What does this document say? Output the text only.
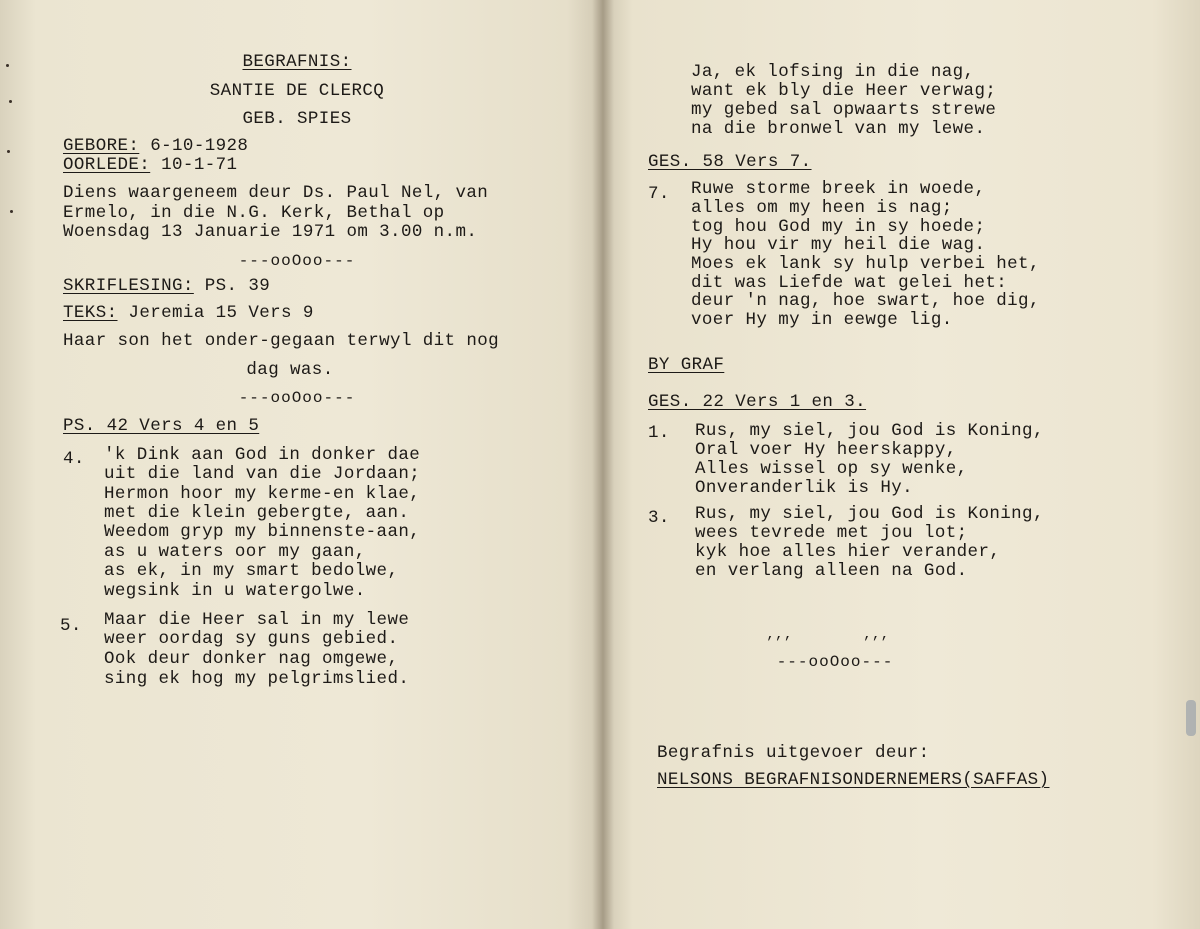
BEGRAFNIS:
SANTIE DE CLERCQ
GEB. SPIES
GEBORE: 6-10-1928
OORLEDE: 10-1-71
Diens waargeneem deur Ds. Paul Nel, van
Ermelo, in die N.G. Kerk, Bethal op
Woensdag 13 Januarie 1971 om 3.00 n.m.
---ooOoo---
SKRIFLESING: PS. 39
TEKS: Jeremia 15 Vers 9
Haar son het onder-gegaan terwyl dit nog
dag was.
---ooOoo---
PS. 42 Vers 4 en 5
4. 'k Dink aan God in donker dae
uit die land van die Jordaan;
Hermon hoor my kerme-en klae,
met die klein gebergte, aan.
Weedom gryp my binnenste-aan,
as u waters oor my gaan,
as ek, in my smart bedolwe,
wegsink in u watergolwe.
5. Maar die Heer sal in my lewe
weer oordag sy guns gebied.
Ook deur donker nag omgewe,
sing ek hog my pelgrimslied.
Ja, ek lofsing in die nag,
want ek bly die Heer verwag;
my gebed sal opwaarts strewe
na die bronwel van my lewe.
GES. 58 Vers 7.
7. Ruwe storme breek in woede,
alles om my heen is nag;
tog hou God my in sy hoede;
Hy hou vir my heil die wag.
Moes ek lank sy hulp verbei het,
dit was Liefde wat gelei het:
deur 'n nag, hoe swart, hoe dig,
voer Hy my in eewge lig.
BY GRAF
GES. 22 Vers 1 en 3.
1. Rus, my siel, jou God is Koning,
Oral voer Hy heerskappy,
Alles wissel op sy wenke,
Onveranderlik is Hy.
3. Rus, my siel, jou God is Koning,
wees tevrede met jou lot;
kyk hoe alles hier verander,
en verlang alleen na God.
,,,        ,,,
---ooOoo---
Begrafnis uitgevoer deur:
NELSONS BEGRAFNISONDERNEMERS(SAFFAS)
